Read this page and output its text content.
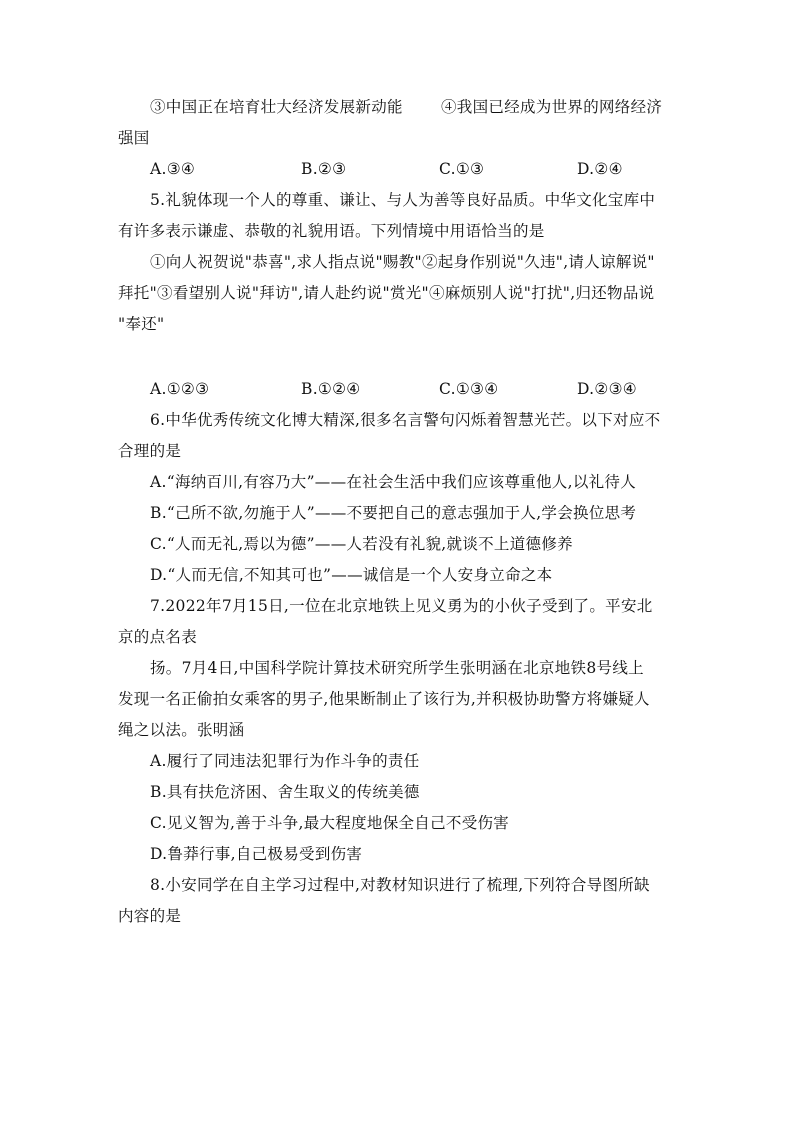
③中国正在培育壮大经济发展新动能 ④我国已经成为世界的网络经济
强国
A.③④	B.②③	C.①③	D.②④
5.礼貌体现一个人的尊重、谦让、与人为善等良好品质。中华文化宝库中
有许多表示谦虚、恭敬的礼貌用语。下列情境中用语恰当的是
①向人祝贺说"恭喜",求人指点说"赐教"②起身作别说"久违",请人谅解说"
拜托"③看望别人说"拜访",请人赴约说"赏光"④麻烦别人说"打扰",归还物品说
"奉还"
A.①②③	B.①②④	C.①③④	D.②③④
6.中华优秀传统文化博大精深,很多名言警句闪烁着智慧光芒。以下对应不
合理的是
A.“海纳百川,有容乃大”——在社会生活中我们应该尊重他人,以礼待人
B.“己所不欲,勿施于人”——不要把自己的意志强加于人,学会换位思考
C.“人而无礼,焉以为德”——人若没有礼貌,就谈不上道德修养
D.“人而无信,不知其可也”——诚信是一个人安身立命之本
7.2022年7月15日,一位在北京地铁上见义勇为的小伙子受到了。平安北
京的点名表
扬。7月4日,中国科学院计算技术研究所学生张明涵在北京地铁8号线上
发现一名正偷拍女乘客的男子,他果断制止了该行为,并积极协助警方将嫌疑人
绳之以法。张明涵
A.履行了同违法犯罪行为作斗争的责任
B.具有扶危济困、舍生取义的传统美德
C.见义智为,善于斗争,最大程度地保全自己不受伤害
D.鲁莽行事,自己极易受到伤害
8.小安同学在自主学习过程中,对教材知识进行了梳理,下列符合导图所缺
内容的是
